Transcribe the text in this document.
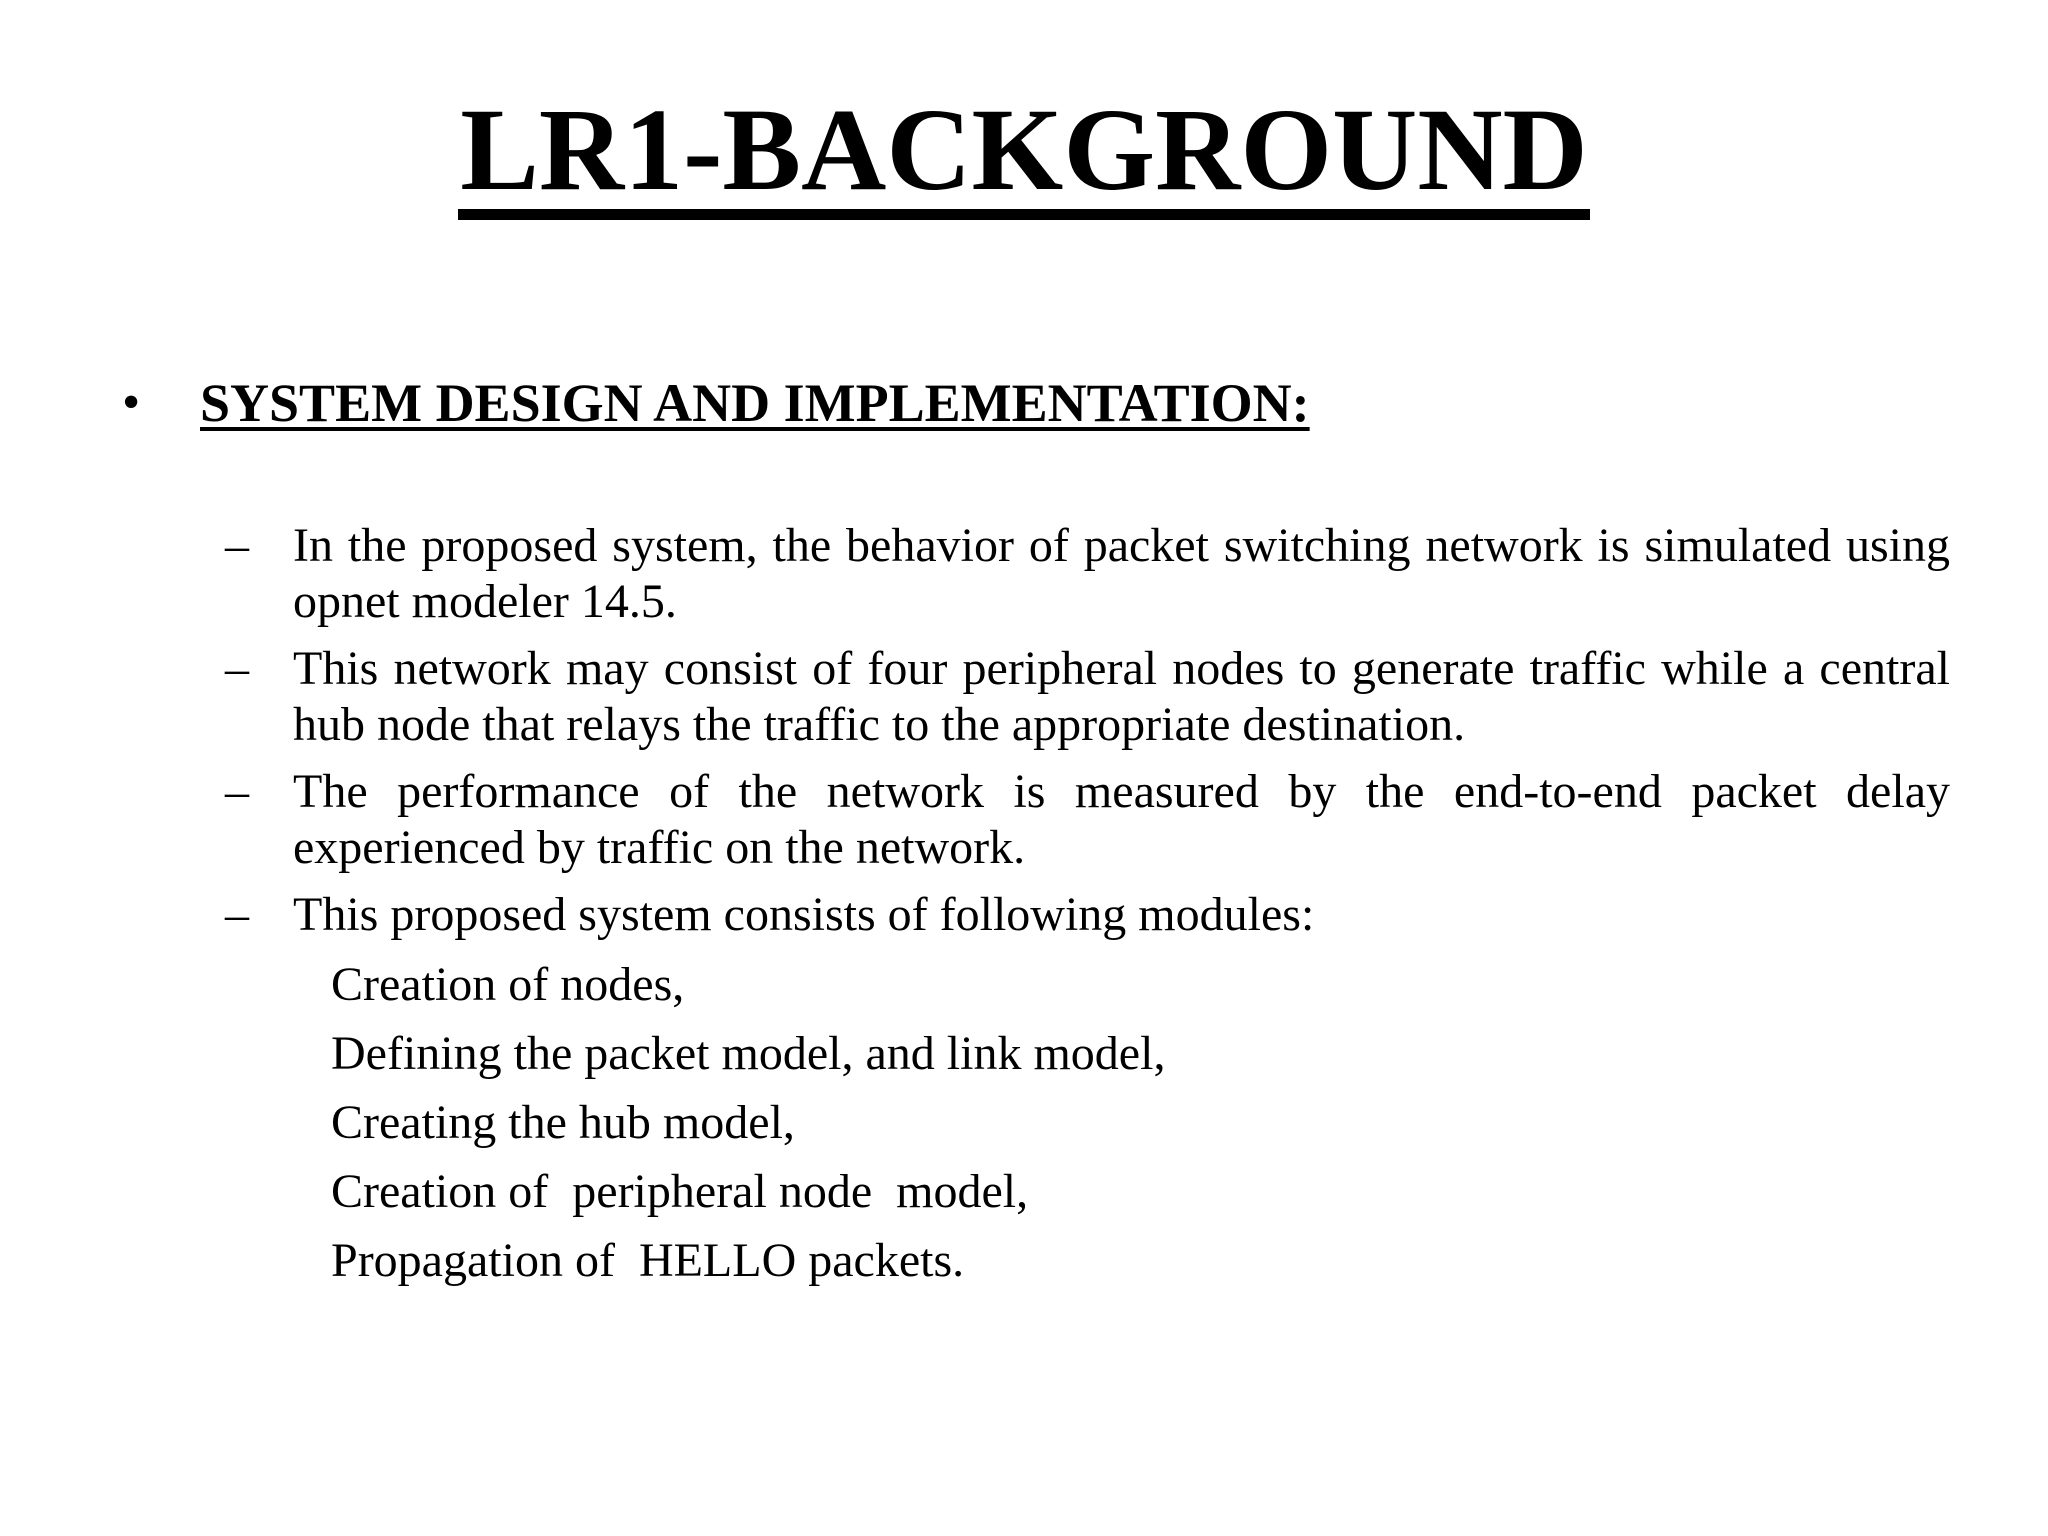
LR1-BACKGROUND
• SYSTEM DESIGN AND IMPLEMENTATION:
– In the proposed system, the behavior of packet switching network is simulated using opnet modeler 14.5.
– This network may consist of four peripheral nodes to generate traffic while a central hub node that relays the traffic to the appropriate destination.
– The performance of the network is measured by the end-to-end packet delay experienced by traffic on the network.
– This proposed system consists of following modules:
Creation of nodes,
Defining the packet model, and link model,
Creating the hub model,
Creation of  peripheral node  model,
Propagation of  HELLO packets.
